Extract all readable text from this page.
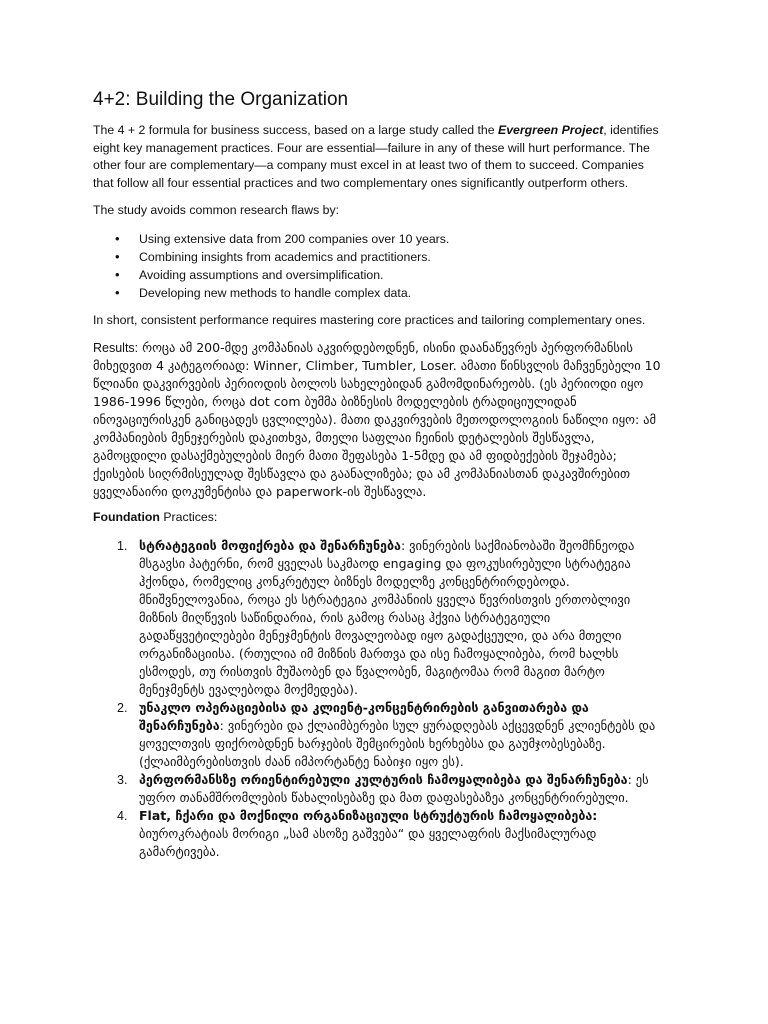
4+2: Building the Organization

The 4 + 2 formula for business success, based on a large study called the Evergreen Project, identifies eight key management practices. Four are essential—failure in any of these will hurt performance. The other four are complementary—a company must excel in at least two of them to succeed. Companies that follow all four essential practices and two complementary ones significantly outperform others.

The study avoids common research flaws by:

• Using extensive data from 200 companies over 10 years.
• Combining insights from academics and practitioners.
• Avoiding assumptions and oversimplification.
• Developing new methods to handle complex data.

In short, consistent performance requires mastering core practices and tailoring complementary ones.

Results: როცა ამ 200-მდე კომპანიას აკვირდებოდნენ, ისინი დაანაწევრეს პერფორმანსის მიხედვით 4 კატეგორიად: Winner, Climber, Tumbler, Loser. ამათი წინსვლის მაჩვენებელი 10 წლიანი დაკვირვების პერიოდის ბოლოს სახელებიდან გამომდინარეობს. (ეს პერიოდი იყო 1986-1996 წლები, როცა dot com ბუმმა ბიზნესის მოდელების ტრადიციულიდან ინოვაციურისკენ განიცადეს ცვლილება). მათი დაკვირვების მეთოდოლოგიის ნაწილი იყო: ამ კომპანიების მენეჯერების დაკითხვა, მთელი საფლაი ჩეინის დეტალების შესწავლა, გამოცდილი დასაქმებულების მიერ მათი შეფასება 1-5მდე და ამ ფიდბექების შეჯამება; ქეისების სიღრმისეულად შესწავლა და გაანალიზება; და ამ კომპანიასთან დაკავშირებით ყველანაირი დოკუმენტისა და paperwork-ის შესწავლა.

Foundation Practices:

1. სტრატეგიის მოფიქრება და შენარჩუნება: ვინერების საქმიანობაში შეომჩნეოდა მსგავსი პატერნი, რომ ყველას საკმაოდ engaging და ფოკუსირებული სტრატეგია ჰქონდა, რომელიც კონკრეტულ ბიზნეს მოდელზე კონცენტრირდებოდა. მნიშვნელოვანია, როცა ეს სტრატეგია კომპანიის ყველა წევრისთვის ერთობლივი მიზნის მიღწევის საწინდარია, რის გამოც რასაც ჰქვია სტრატეგიული გადაწყვეტილებები მენეჯმენტის მოვალეობად იყო გადაქცეული, და არა მთელი ორგანიზაციისა. (რთულია იმ მიზნის მართვა და ისე ჩამოყალიბება, რომ ხალხს ესმოდეს, თუ რისთვის მუშაობენ და წვალობენ, მაგიტომაა რომ მაგით მარტო მენეჯმენტს ევალებოდა მოქმედება).
2. უნაკლო ოპერაციებისა და კლიენტ-კონცენტრირების განვითარება და შენარჩუნება: ვინერები და ქლაიმბერები სულ ყურადღებას აქცევდნენ კლიენტებს და ყოველთვის ფიქრობდნენ ხარჯების შემცირების ხერხებსა და გაუმჯობესებაზე. (ქლაიმბერებისთვის ძაან იმპორტანტე ნაბიჯი იყო ეს).
3. პერფორმანსზე ორიენტირებული კულტურის ჩამოყალიბება და შენარჩუნება: ეს უფრო თანამშრომლების წახალისებაზე და მათ დაფასებაზეა კონცენტრირებული.
4. Flat, ჩქარი და მოქნილი ორგანიზაციული სტრუქტურის ჩამოყალიბება: ბიუროკრატიას მორიგი „სამ ასოზე გაშვება“ და ყველაფრის მაქსიმალურად გამარტივება.
